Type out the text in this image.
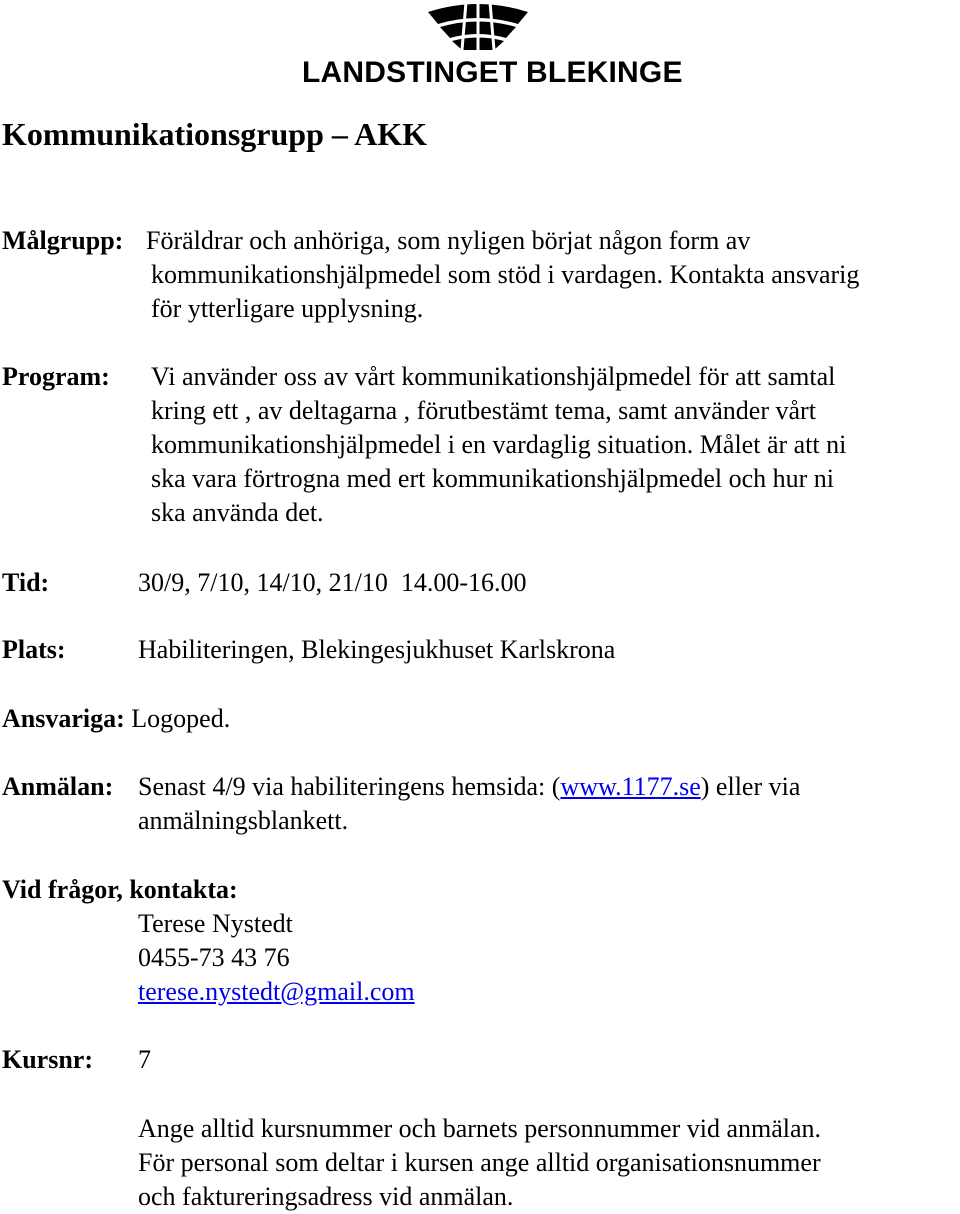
LANDSTINGET BLEKINGE
Kommunikationsgrupp – AKK
Målgrupp: Föräldrar och anhöriga, som nyligen börjat någon form av
kommunikationshjälpmedel som stöd i vardagen. Kontakta ansvarig
för ytterligare upplysning.
Program: Vi använder oss av vårt kommunikationshjälpmedel för att samtal
kring ett , av deltagarna , förutbestämt tema, samt använder vårt
kommunikationshjälpmedel i en vardaglig situation. Målet är att ni
ska vara förtrogna med ert kommunikationshjälpmedel och hur ni
ska använda det.
Tid:	30/9, 7/10, 14/10, 21/10  14.00-16.00
Plats:	Habiliteringen, Blekingesjukhuset Karlskrona
Ansvariga: Logoped.
Anmälan: Senast 4/9 via habiliteringens hemsida: (www.1177.se) eller via
anmälningsblankett.
Vid frågor, kontakta:
Terese Nystedt
0455-73 43 76
terese.nystedt@gmail.com
Kursnr: 7
Ange alltid kursnummer och barnets personnummer vid anmälan.
För personal som deltar i kursen ange alltid organisationsnummer
och faktureringsadress vid anmälan.
